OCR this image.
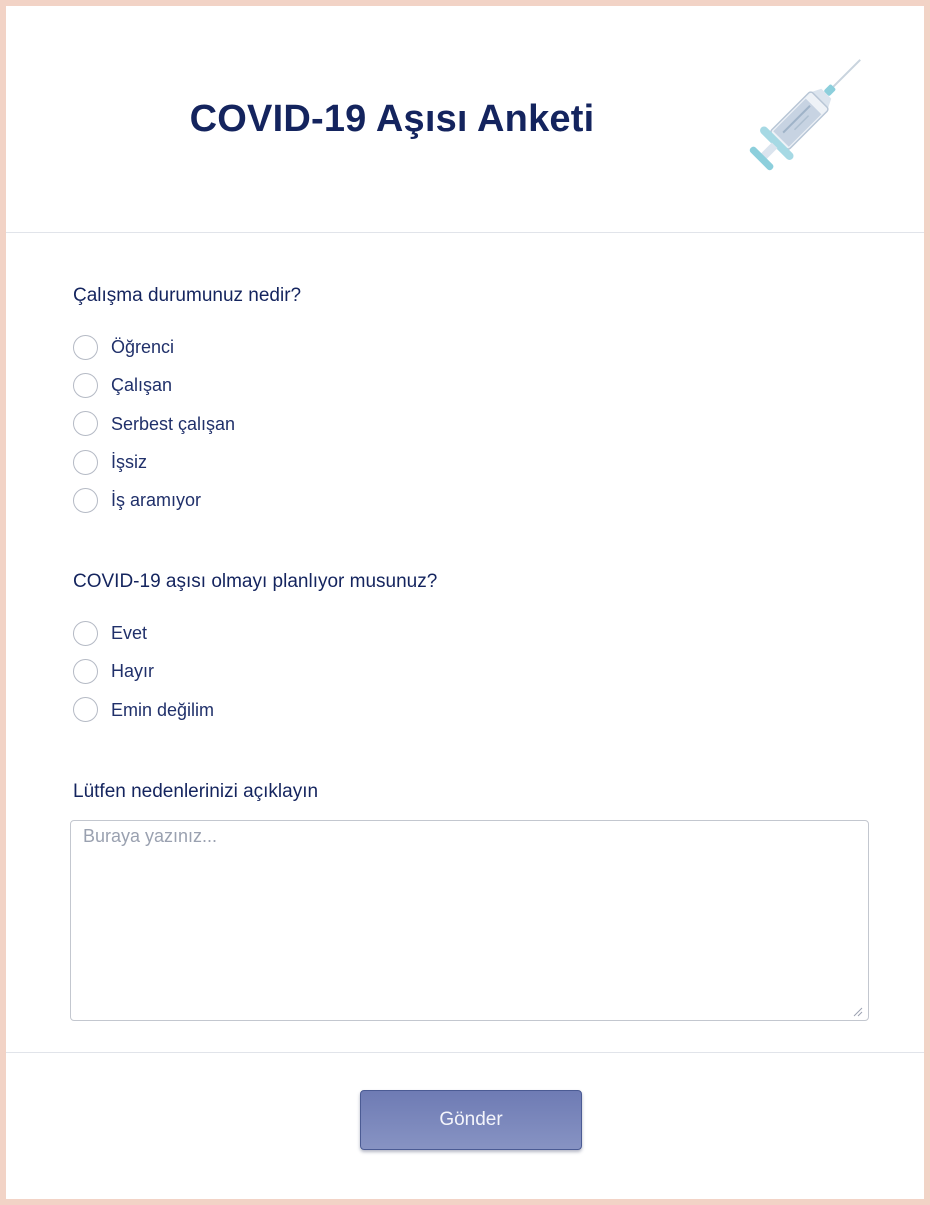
COVID-19 Aşısı Anketi

Çalışma durumunuz nedir?

Öğrenci
Çalışan
Serbest çalışan
İşsiz
İş aramıyor

COVID-19 aşısı olmayı planlıyor musunuz?

Evet
Hayır
Emin değilim

Lütfen nedenlerinizi açıklayın

Buraya yazınız...
Gönder
